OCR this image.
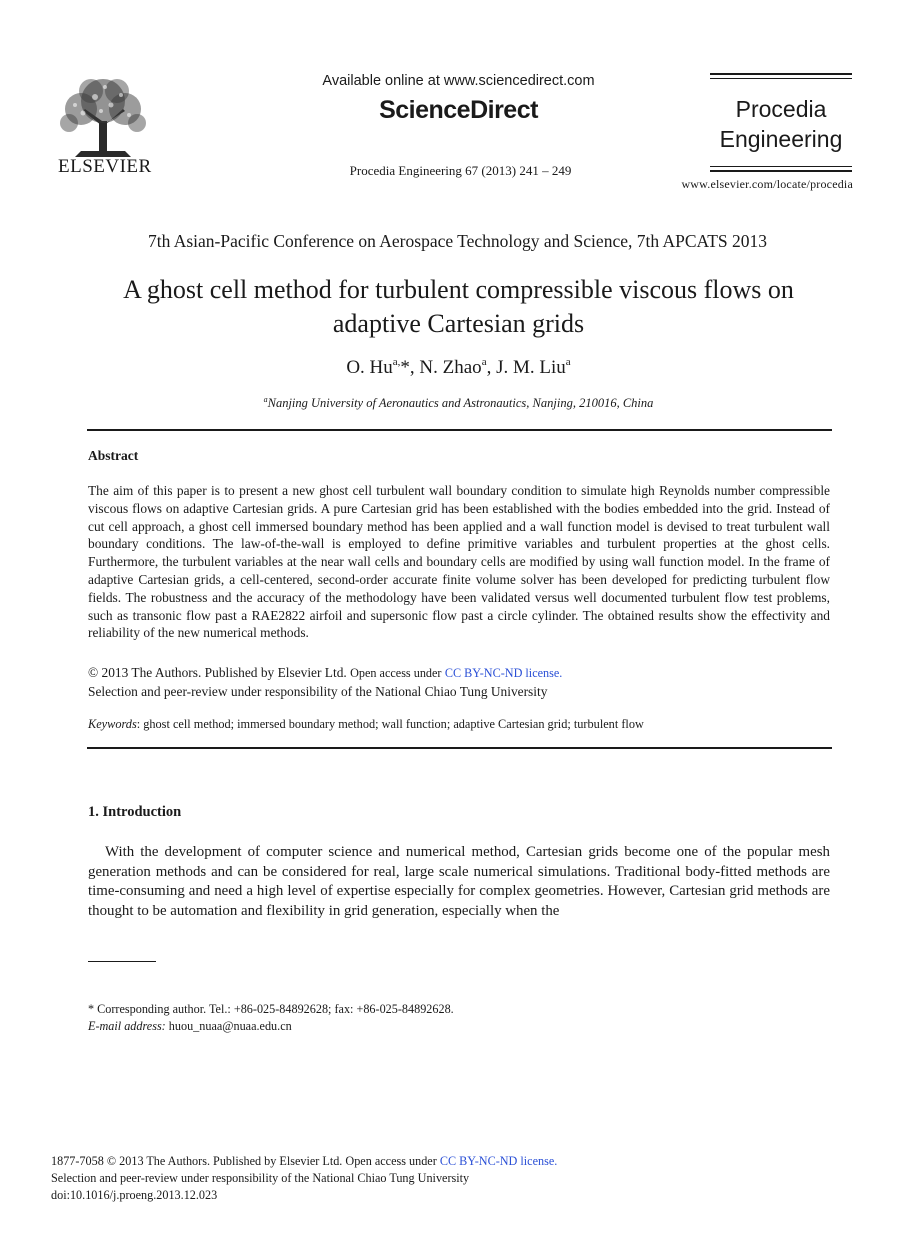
ELSEVIER
Available online at www.sciencedirect.com
ScienceDirect
Procedia Engineering 67 (2013) 241 – 249
Procedia
Engineering
www.elsevier.com/locate/procedia
7th Asian-Pacific Conference on Aerospace Technology and Science, 7th APCATS 2013
A ghost cell method for turbulent compressible viscous flows on
adaptive Cartesian grids
O. $Hu^{a,}*$, N. Zhao$^a$, J. M. Liu$^a$
$^a$Nanjing University of Aeronautics and Astronautics, Nanjing, 210016, China
Abstract
The aim of this paper is to present a new ghost cell turbulent wall boundary condition to simulate high Reynolds number compressible viscous flows on adaptive Cartesian grids. A pure Cartesian grid has been established with the bodies embedded into the grid. Instead of cut cell approach, a ghost cell immersed boundary method has been applied and a wall function model is devised to treat turbulent wall boundary conditions. The law-of-the-wall is employed to define primitive variables and turbulent properties at the ghost cells. Furthermore, the turbulent variables at the near wall cells and boundary cells are modified by using wall function model. In the frame of adaptive Cartesian grids, a cell-centered, second-order accurate finite volume solver has been developed for predicting turbulent flow fields. The robustness and the accuracy of the methodology have been validated versus well documented turbulent flow test problems, such as transonic flow past a RAE2822 airfoil and supersonic flow past a circle cylinder. The obtained results show the effectivity and reliability of the new numerical methods.
© 2013 The Authors. Published by Elsevier Ltd. Open access under CC BY-NC-ND license.
Selection and peer-review under responsibility of the National Chiao Tung University
Keywords: ghost cell method; immersed boundary method; wall function; adaptive Cartesian grid; turbulent flow
1. Introduction

With the development of computer science and numerical method, Cartesian grids become one of the popular mesh generation methods and can be considered for real, large scale numerical simulations. Traditional body-fitted methods are time-consuming and need a high level of expertise especially for complex geometries. However, Cartesian grid methods are thought to be automation and flexibility in grid generation, especially when the

* Corresponding author. Tel.: +86-025-84892628; fax: +86-025-84892628.
E-mail address: huou_nuaa@nuaa.edu.cn
1877-7058 © 2013 The Authors. Published by Elsevier Ltd. Open access under CC BY-NC-ND license.
Selection and peer-review under responsibility of the National Chiao Tung University
doi:10.1016/j.proeng.2013.12.023
